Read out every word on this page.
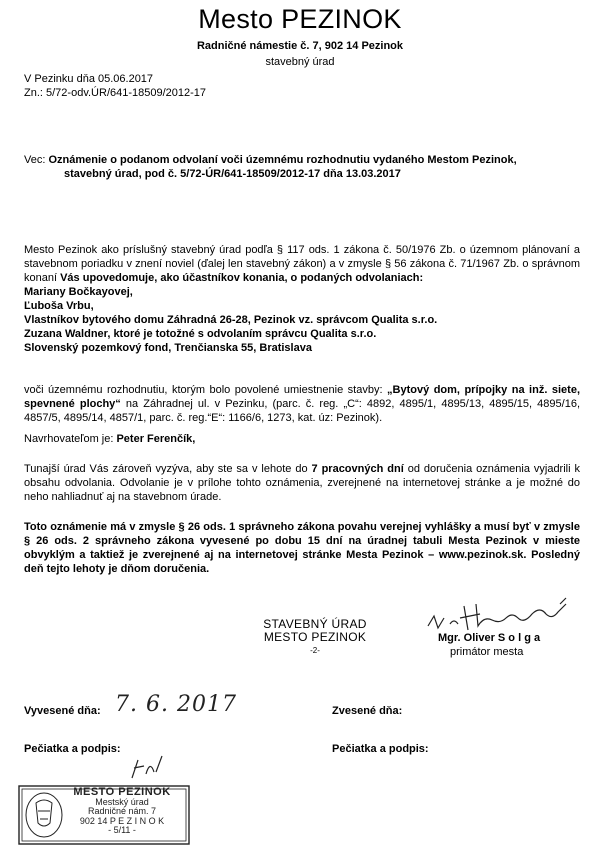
Mesto PEZINOK
Radničné námestie č. 7, 902 14 Pezinok
stavebný úrad
V Pezinku dňa 05.06.2017
Zn.: 5/72-odv.ÚR/641-18509/2012-17
Vec: Oznámenie o podanom odvolaní voči územnému rozhodnutiu vydaného Mestom Pezinok,
stavebný úrad, pod č. 5/72-ÚR/641-18509/2012-17 dňa 13.03.2017
Mesto Pezinok ako príslušný stavebný úrad podľa § 117 ods. 1 zákona č. 50/1976 Zb. o územnom plánovaní a stavebnom poriadku v znení noviel (ďalej len stavebný zákon) a v zmysle § 56 zákona č. 71/1967 Zb. o správnom konaní Vás upovedomuje, ako účastníkov konania, o podaných odvolaniach:
Mariany Bočkayovej,
Ľuboša Vrbu,
Vlastníkov bytového domu Záhradná 26-28, Pezinok vz. správcom Qualita s.r.o.
Zuzana Waldner, ktoré je totožné s odvolaním správcu Qualita s.r.o.
Slovenský pozemkový fond, Trenčianska 55, Bratislava
voči územnému rozhodnutiu, ktorým bolo povolené umiestnenie stavby: „Bytový dom, prípojky na inž. siete, spevnené plochy“ na Záhradnej ul. v Pezinku, (parc. č. reg. „C“: 4892, 4895/1, 4895/13, 4895/15, 4895/16, 4857/5, 4895/14, 4857/1, parc. č. reg.“E“: 1166/6, 1273, kat. úz: Pezinok).
Navrhovateľom je: Peter Ferenčík,
Tunajší úrad Vás zároveň vyzýva, aby ste sa v lehote do 7 pracovných dní od doručenia oznámenia vyjadrili k obsahu odvolania. Odvolanie je v prílohe tohto oznámenia, zverejnené na internetovej stránke a je možné do neho nahliadnuť aj na stavebnom úrade.
Toto oznámenie má v zmysle § 26 ods. 1 správneho zákona povahu verejnej vyhlášky a musí byť v zmysle § 26 ods. 2 správneho zákona vyvesené po dobu 15 dní na úradnej tabuli Mesta Pezinok v mieste obvyklým a taktiež je zverejnené aj na internetovej stránke Mesta Pezinok – www.pezinok.sk. Posledný deň tejto lehoty je dňom doručenia.
STAVEBNÝ ÚRAD
MESTO PEZINOK
-2-
Mgr. Oliver S o l g a
primátor mesta
Vyvesené dňa: 7. 6. 2017	Zvesené dňa:
Pečiatka a podpis:	Pečiatka a podpis:
MESTO PEZINOK
Mestský úrad
Radničné nám. 7
902 14 P E Z I N O K
- 5/11 -
